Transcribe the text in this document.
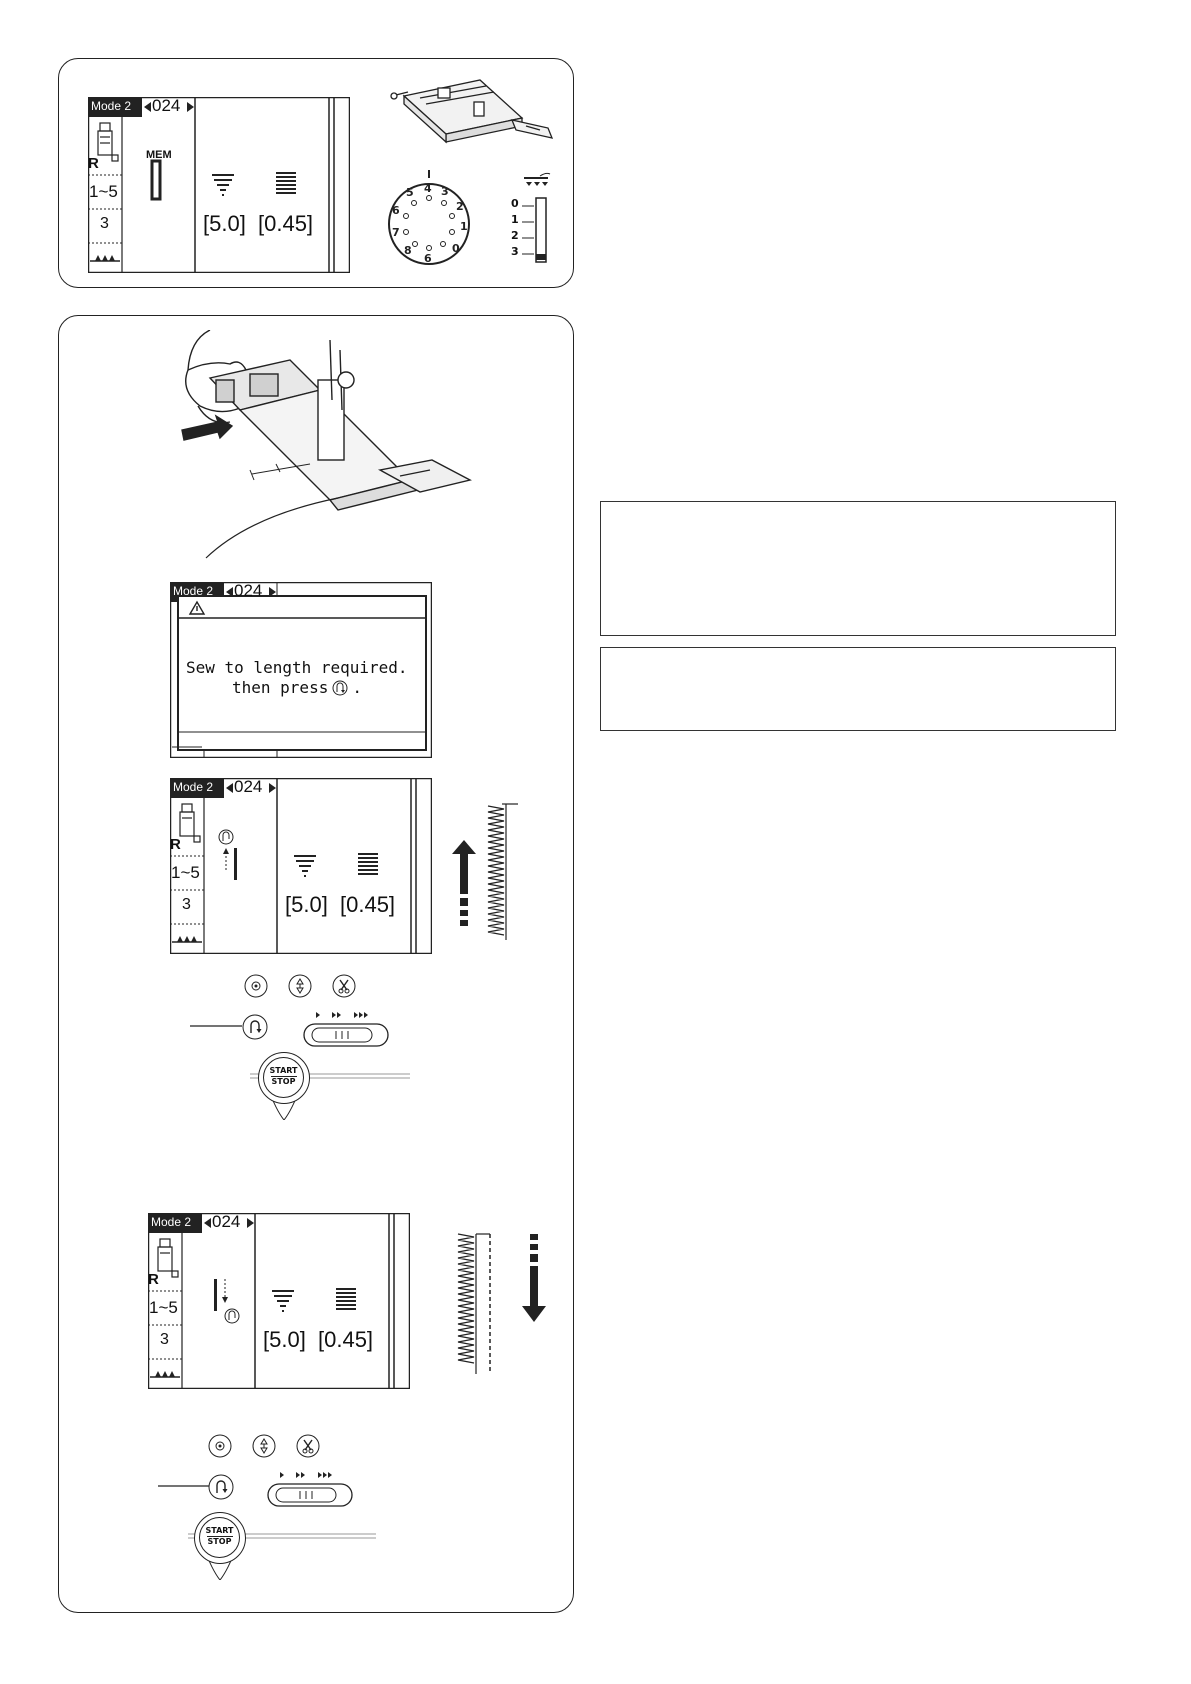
Mode 2 024
R
1~5
3
MEM
[5.0] [0.45]
4 3
2
1
0
6
8
7
6
5
0
1
2
3
Mode 2 024
Sew to length required.
then press .
Mode 2 024
R
1~5
3	[5.0] [0.45]
START
STOP
Mode 2 024
R
1~5
3	[5.0] [0.45]
START
STOP
